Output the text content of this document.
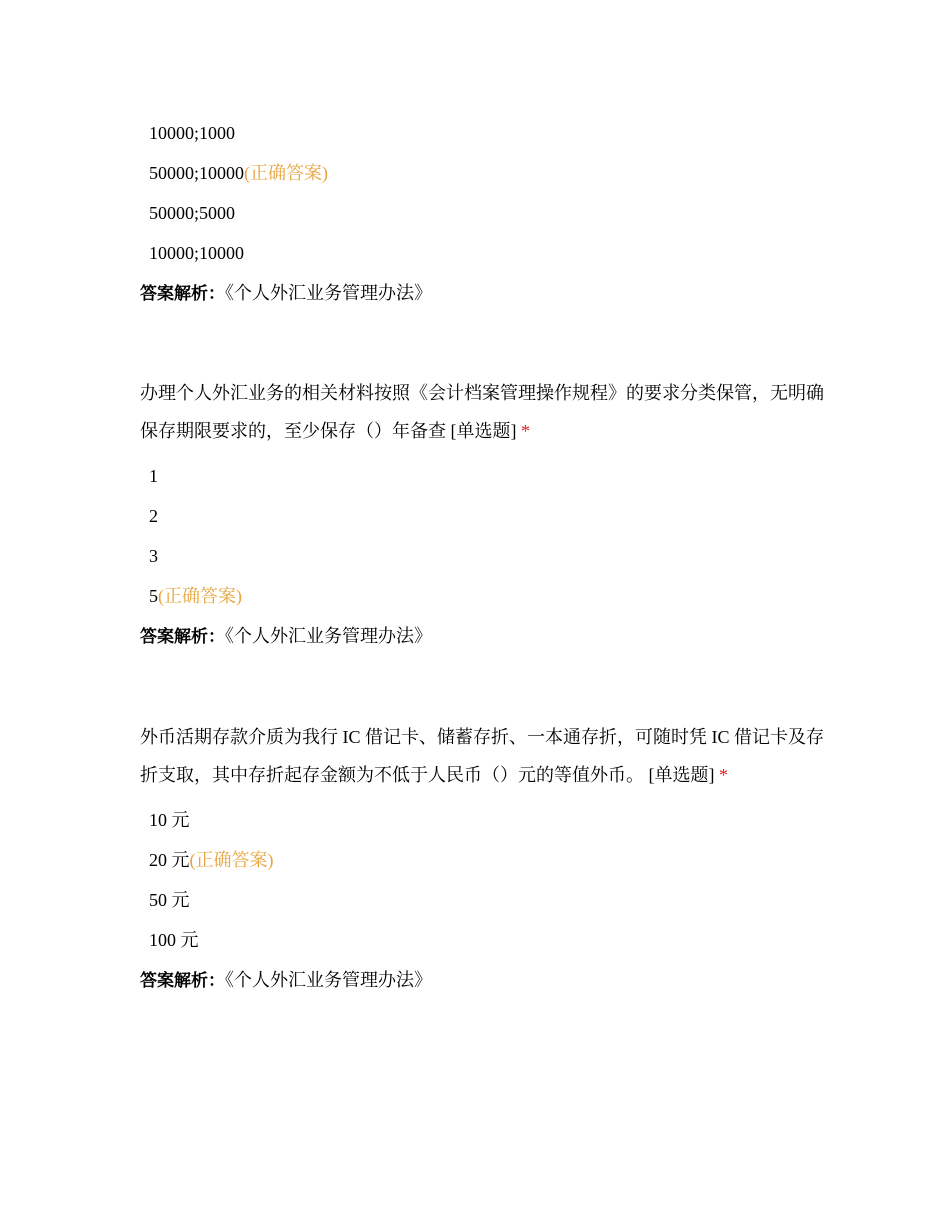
10000;1000
50000;10000(正确答案)
50000;5000
10000;10000
答案解析：《个人外汇业务管理办法》

办理个人外汇业务的相关材料按照《会计档案管理操作规程》的要求分类保管，无明确保存期限要求的，至少保存（）年备查 [单选题] *

1
2
3
5(正确答案)
答案解析：《个人外汇业务管理办法》

外币活期存款介质为我行 IC 借记卡、储蓄存折、一本通存折，可随时凭 IC 借记卡及存折支取，其中存折起存金额为不低于人民币（）元的等值外币。 [单选题] *

10 元
20 元(正确答案)
50 元
100 元
答案解析：《个人外汇业务管理办法》
